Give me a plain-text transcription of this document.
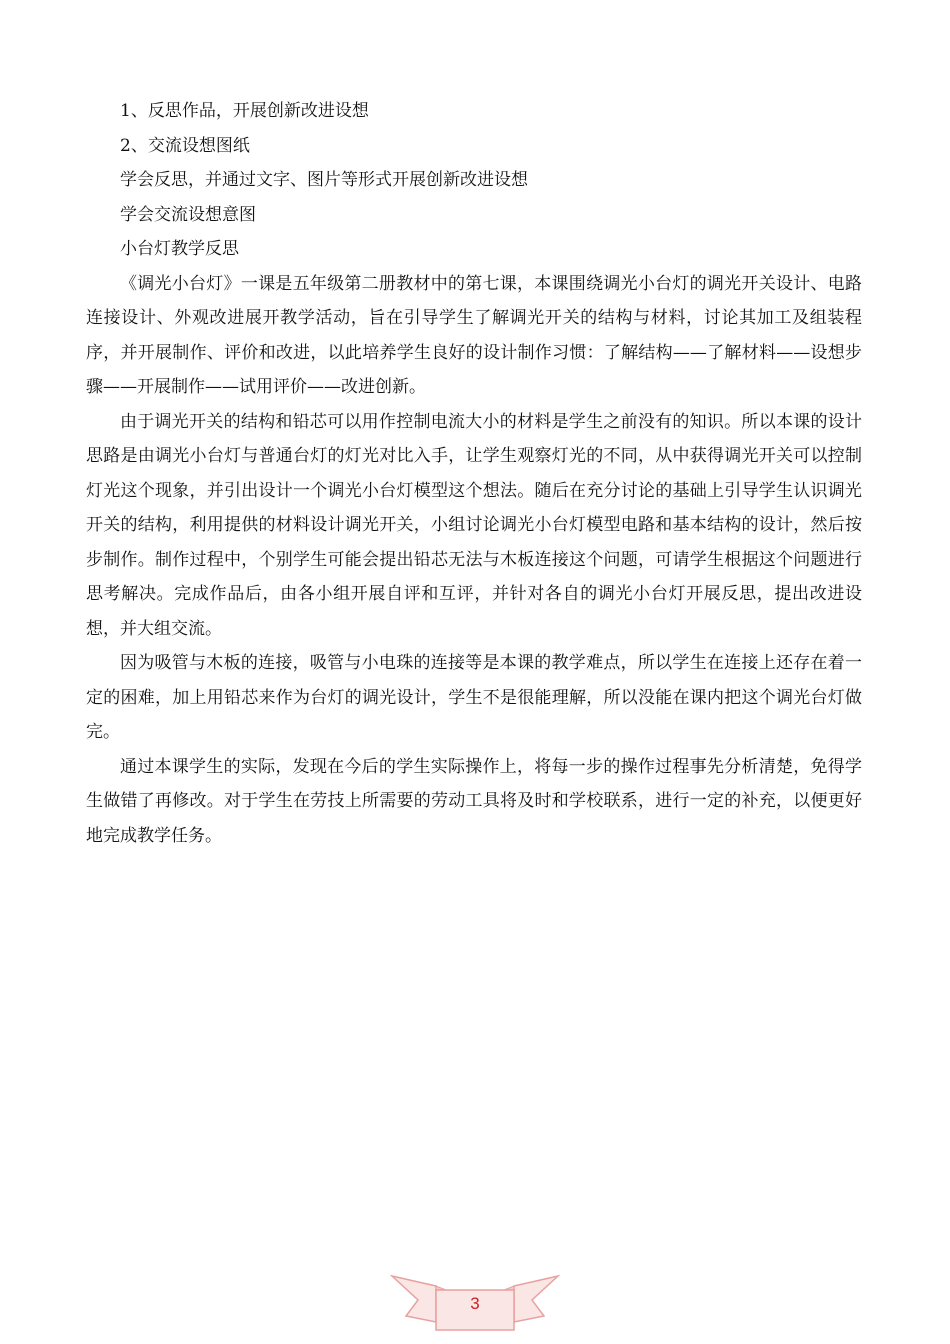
1、反思作品，开展创新改进设想

2、交流设想图纸

学会反思，并通过文字、图片等形式开展创新改进设想

学会交流设想意图

小台灯教学反思

《调光小台灯》一课是五年级第二册教材中的第七课，本课围绕调光小台灯的调光开关设计、电路连接设计、外观改进展开教学活动，旨在引导学生了解调光开关的结构与材料，讨论其加工及组装程序，并开展制作、评价和改进，以此培养学生良好的设计制作习惯：了解结构——了解材料——设想步骤——开展制作——试用评价——改进创新。

由于调光开关的结构和铅芯可以用作控制电流大小的材料是学生之前没有的知识。所以本课的设计思路是由调光小台灯与普通台灯的灯光对比入手，让学生观察灯光的不同，从中获得调光开关可以控制灯光这个现象，并引出设计一个调光小台灯模型这个想法。随后在充分讨论的基础上引导学生认识调光开关的结构，利用提供的材料设计调光开关，小组讨论调光小台灯模型电路和基本结构的设计，然后按步制作。制作过程中，个别学生可能会提出铅芯无法与木板连接这个问题，可请学生根据这个问题进行思考解决。完成作品后，由各小组开展自评和互评，并针对各自的调光小台灯开展反思，提出改进设想，并大组交流。

因为吸管与木板的连接，吸管与小电珠的连接等是本课的教学难点，所以学生在连接上还存在着一定的困难，加上用铅芯来作为台灯的调光设计，学生不是很能理解，所以没能在课内把这个调光台灯做完。

通过本课学生的实际，发现在今后的学生实际操作上，将每一步的操作过程事先分析清楚，免得学生做错了再修改。对于学生在劳技上所需要的劳动工具将及时和学校联系，进行一定的补充，以便更好地完成教学任务。

3
